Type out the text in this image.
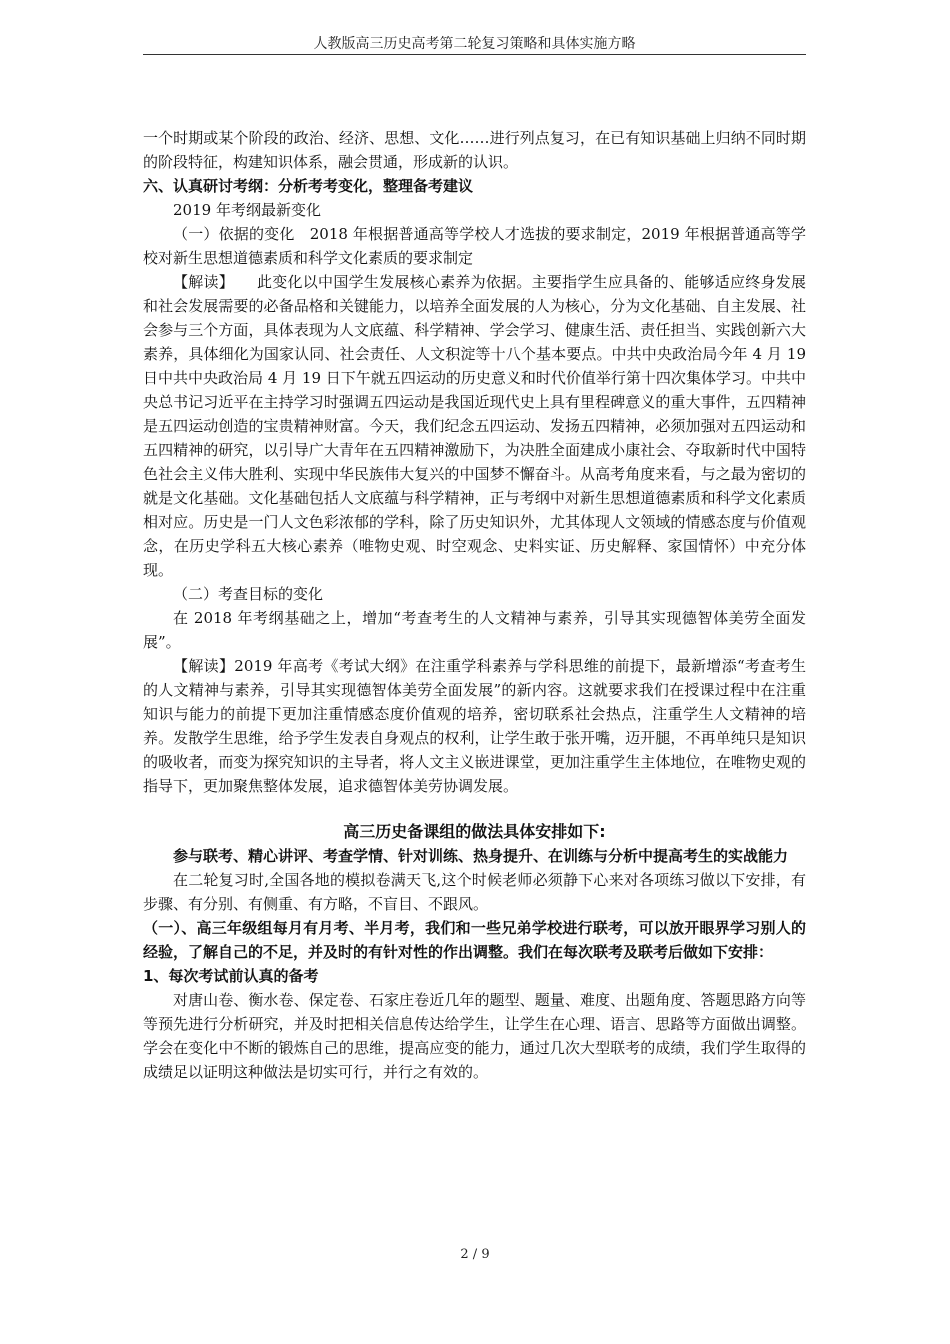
人教版高三历史高考第二轮复习策略和具体实施方略

一个时期或某个阶段的政治、经济、思想、文化……进行列点复习，在已有知识基础上归纳不同时期的阶段特征，构建知识体系，融会贯通，形成新的认识。

六、认真研讨考纲：分析考考变化，整理备考建议

2019 年考纲最新变化

（一）依据的变化　2018 年根据普通高等学校人才选拔的要求制定，2019 年根据普通高等学校对新生思想道德素质和科学文化素质的要求制定

【解读】　　此变化以中国学生发展核心素养为依据。主要指学生应具备的、能够适应终身发展和社会发展需要的必备品格和关键能力，以培养全面发展的人为核心，分为文化基础、自主发展、社会参与三个方面，具体表现为人文底蕴、科学精神、学会学习、健康生活、责任担当、实践创新六大素养，具体细化为国家认同、社会责任、人文积淀等十八个基本要点。中共中央政治局今年 4 月 19 日中共中央政治局 4 月 19 日下午就五四运动的历史意义和时代价值举行第十四次集体学习。中共中央总书记习近平在主持学习时强调五四运动是我国近现代史上具有里程碑意义的重大事件，五四精神是五四运动创造的宝贵精神财富。今天，我们纪念五四运动、发扬五四精神，必须加强对五四运动和五四精神的研究，以引导广大青年在五四精神激励下，为决胜全面建成小康社会、夺取新时代中国特色社会主义伟大胜利、实现中华民族伟大复兴的中国梦不懈奋斗。从高考角度来看，与之最为密切的就是文化基础。文化基础包括人文底蕴与科学精神，正与考纲中对新生思想道德素质和科学文化素质相对应。历史是一门人文色彩浓郁的学科，除了历史知识外，尤其体现人文领域的情感态度与价值观念，在历史学科五大核心素养（唯物史观、时空观念、史料实证、历史解释、家国情怀）中充分体现。

（二）考查目标的变化

在 2018 年考纲基础之上，增加“考查考生的人文精神与素养，引导其实现德智体美劳全面发展”。

【解读】2019 年高考《考试大纲》在注重学科素养与学科思维的前提下，最新增添“考查考生的人文精神与素养，引导其实现德智体美劳全面发展”的新内容。这就要求我们在授课过程中在注重知识与能力的前提下更加注重情感态度价值观的培养，密切联系社会热点，注重学生人文精神的培养。发散学生思维，给予学生发表自身观点的权利，让学生敢于张开嘴，迈开腿，不再单纯只是知识的吸收者，而变为探究知识的主导者，将人文主义嵌进课堂，更加注重学生主体地位，在唯物史观的指导下，更加聚焦整体发展，追求德智体美劳协调发展。

高三历史备课组的做法具体安排如下:

参与联考、精心讲评、考查学情、针对训练、热身提升、在训练与分析中提高考生的实战能力

在二轮复习时,全国各地的模拟卷满天飞,这个时候老师必须静下心来对各项练习做以下安排，有步骤、有分别、有侧重、有方略，不盲目、不跟风。

（一）、高三年级组每月有月考、半月考，我们和一些兄弟学校进行联考，可以放开眼界学习别人的经验，了解自己的不足，并及时的有针对性的作出调整。我们在每次联考及联考后做如下安排：

1、每次考试前认真的备考

对唐山卷、衡水卷、保定卷、石家庄卷近几年的题型、题量、难度、出题角度、答题思路方向等等预先进行分析研究，并及时把相关信息传达给学生，让学生在心理、语言、思路等方面做出调整。学会在变化中不断的锻炼自己的思维，提高应变的能力，通过几次大型联考的成绩，我们学生取得的成绩足以证明这种做法是切实可行，并行之有效的。

2 / 9
